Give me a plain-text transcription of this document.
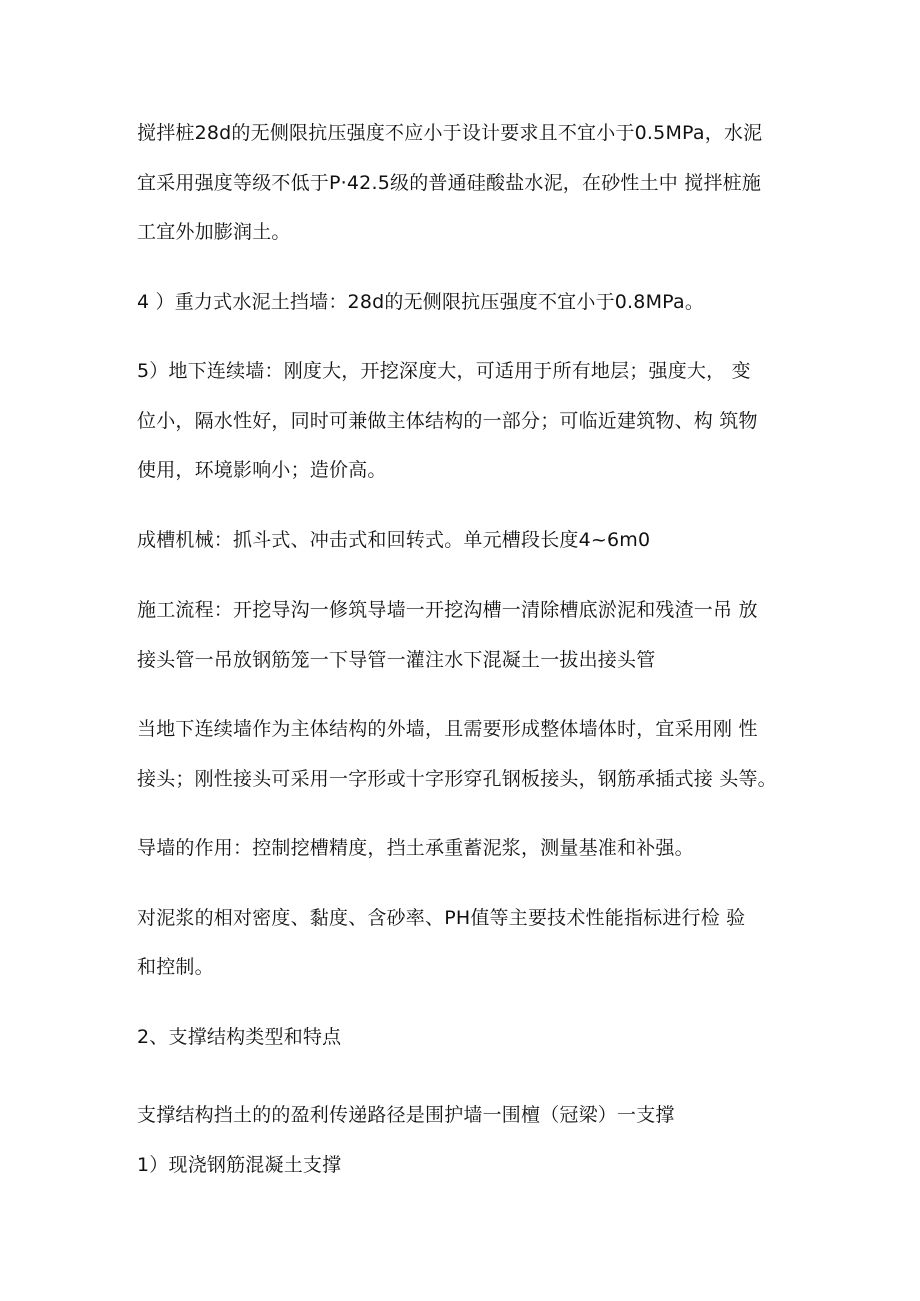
搅拌桩28d的无侧限抗压强度不应小于设计要求且不宜小于0.5MPa，水泥
宜采用强度等级不低于P·42.5级的普通硅酸盐水泥，在砂性土中 搅拌桩施
工宜外加膨润土。
4 ）重力式水泥土挡墙：28d的无侧限抗压强度不宜小于0.8MPa。
5）地下连续墙：刚度大，开挖深度大，可适用于所有地层；强度大， 变
位小，隔水性好，同时可兼做主体结构的一部分；可临近建筑物、构 筑物
使用，环境影响小；造价高。
成槽机械：抓斗式、冲击式和回转式。单元槽段长度4~6m0
施工流程：开挖导沟一修筑导墙一开挖沟槽一清除槽底淤泥和残渣一吊 放
接头管一吊放钢筋笼一下导管一灌注水下混凝土一拔出接头管
当地下连续墙作为主体结构的外墙，且需要形成整体墙体时，宜采用刚 性
接头；刚性接头可采用一字形或十字形穿孔钢板接头，钢筋承插式接 头等。
导墙的作用：控制挖槽精度，挡土承重蓄泥浆，测量基准和补强。
对泥浆的相对密度、黏度、含砂率、PH值等主要技术性能指标进行检 验
和控制。
2、支撑结构类型和特点
支撑结构挡土的的盈利传递路径是围护墙一围檀（冠梁）一支撑
1）现浇钢筋混凝土支撑
